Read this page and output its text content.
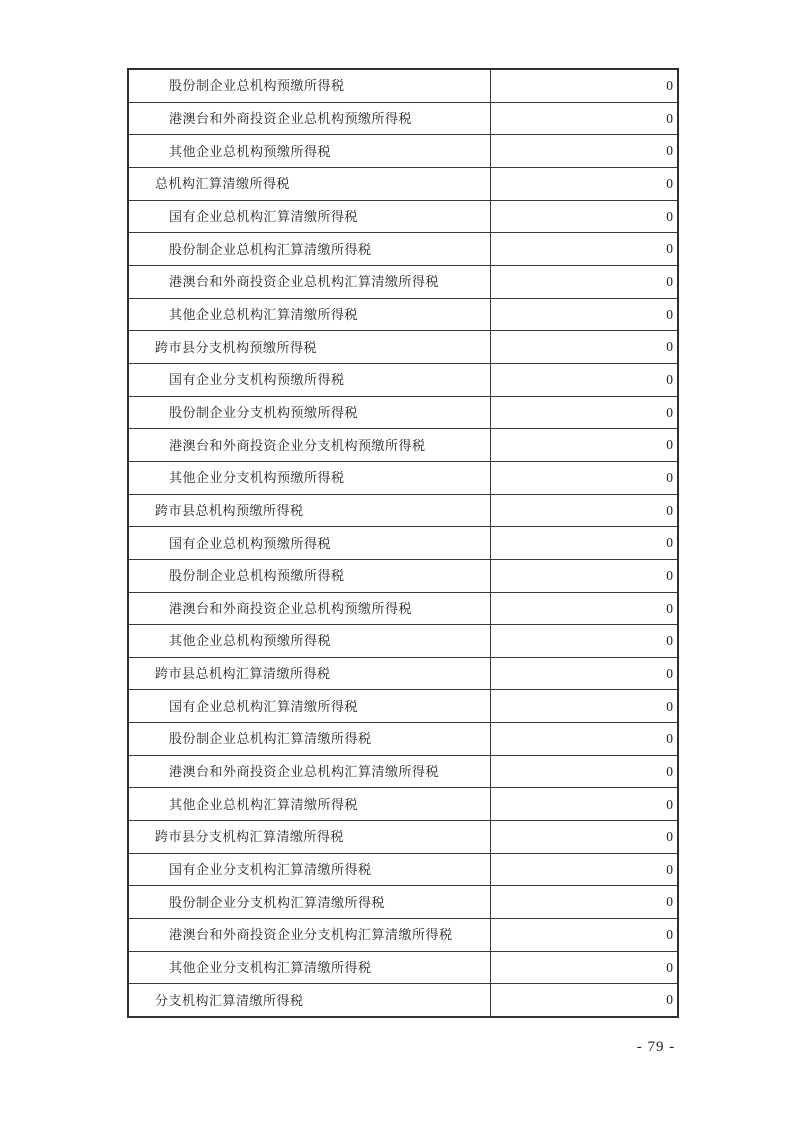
股份制企业总机构预缴所得税	0
港澳台和外商投资企业总机构预缴所得税	0
其他企业总机构预缴所得税	0
总机构汇算清缴所得税	0
国有企业总机构汇算清缴所得税	0
股份制企业总机构汇算清缴所得税	0
港澳台和外商投资企业总机构汇算清缴所得税	0
其他企业总机构汇算清缴所得税	0
跨市县分支机构预缴所得税	0
国有企业分支机构预缴所得税	0
股份制企业分支机构预缴所得税	0
港澳台和外商投资企业分支机构预缴所得税	0
其他企业分支机构预缴所得税	0
跨市县总机构预缴所得税	0
国有企业总机构预缴所得税	0
股份制企业总机构预缴所得税	0
港澳台和外商投资企业总机构预缴所得税	0
其他企业总机构预缴所得税	0
跨市县总机构汇算清缴所得税	0
国有企业总机构汇算清缴所得税	0
股份制企业总机构汇算清缴所得税	0
港澳台和外商投资企业总机构汇算清缴所得税	0
其他企业总机构汇算清缴所得税	0
跨市县分支机构汇算清缴所得税	0
国有企业分支机构汇算清缴所得税	0
股份制企业分支机构汇算清缴所得税	0
港澳台和外商投资企业分支机构汇算清缴所得税	0
其他企业分支机构汇算清缴所得税	0
分支机构汇算清缴所得税	0
- 79 -
